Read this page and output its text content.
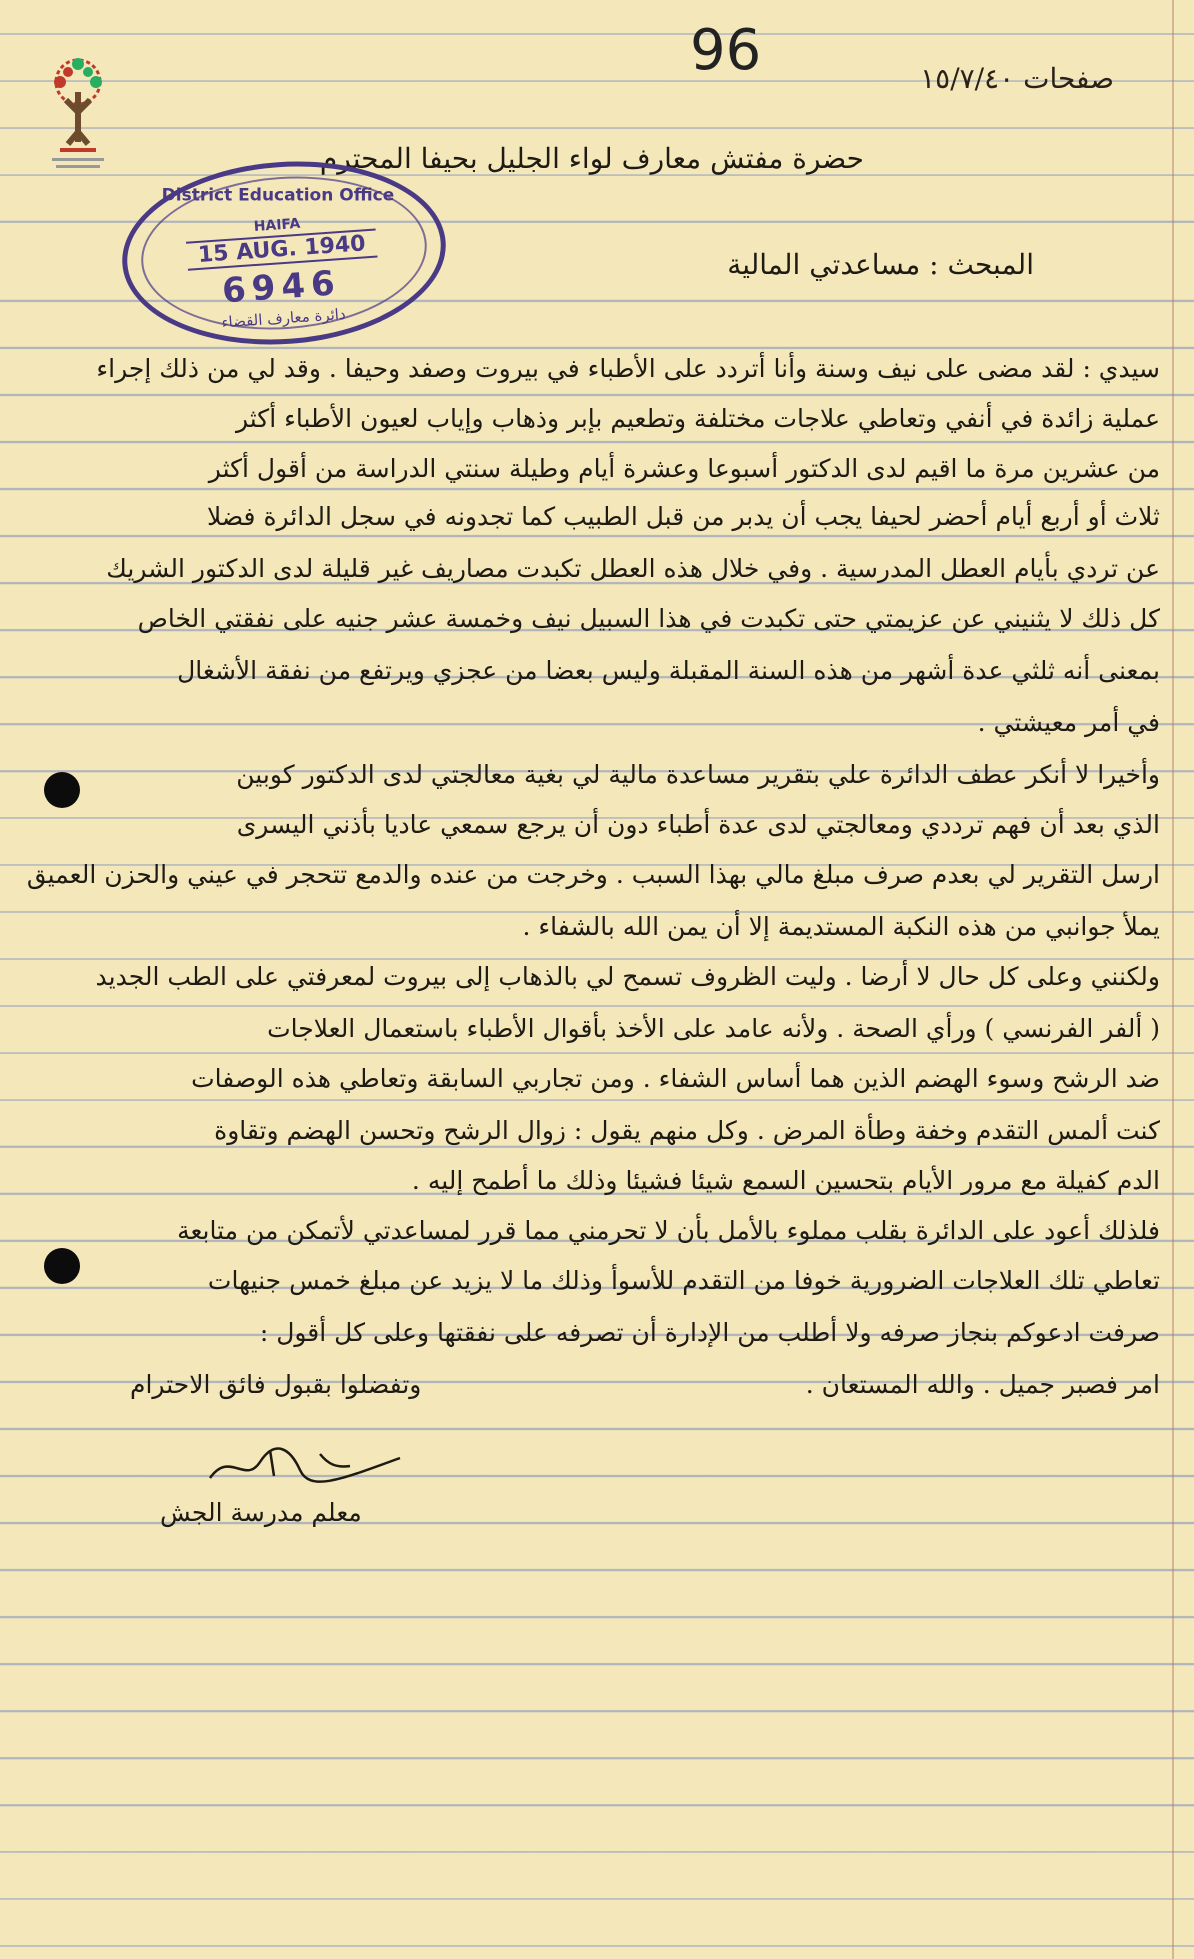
96	صفحات ١٥/٧/٤٠
حضرة مفتش معارف لواء الجليل بحيفا المحترم
District Education Office
HAIFA
15 AUG. 1940
6946
دائرة معارف القضاء
المبحث : مساعدتي المالية
سيدي : لقد مضى على نيف وسنة وأنا أتردد على الأطباء في بيروت وصفد وحيفا . وقد لي من ذلك إجراء
عملية زائدة في أنفي وتعاطي علاجات مختلفة وتطعيم بإبر وذهاب وإياب لعيون الأطباء أكثر
من عشرين مرة ما اقيم لدى الدكتور أسبوعا وعشرة أيام وطيلة سنتي الدراسة من أقول أكثر
ثلاث أو أربع أيام أحضر لحيفا يجب أن يدبر من قبل الطبيب كما تجدونه في سجل الدائرة فضلا
عن تردي بأيام العطل المدرسية . وفي خلال هذه العطل تكبدت مصاريف غير قليلة لدى الدكتور الشريك
كل ذلك لا يثنيني عن عزيمتي حتى تكبدت في هذا السبيل نيف وخمسة عشر جنيه على نفقتي الخاص
بمعنى أنه ثلثي عدة أشهر من هذه السنة المقبلة وليس بعضا من عجزي ويرتفع من نفقة الأشغال
في أمر معيشتي .
وأخيرا لا أنكر عطف الدائرة علي بتقرير مساعدة مالية لي بغية معالجتي لدى الدكتور كوبين
الذي بعد أن فهم ترددي ومعالجتي لدى عدة أطباء دون أن يرجع سمعي عاديا بأذني اليسرى
ارسل التقرير لي بعدم صرف مبلغ مالي بهذا السبب . وخرجت من عنده والدمع تتحجر في عيني والحزن العميق
يملأ جوانبي من هذه النكبة المستديمة إلا أن يمن الله بالشفاء .
ولكنني وعلى كل حال لا أرضا . وليت الظروف تسمح لي بالذهاب إلى بيروت لمعرفتي على الطب الجديد
( ألفر الفرنسي ) ورأي الصحة . ولأنه عامد على الأخذ بأقوال الأطباء باستعمال العلاجات
ضد الرشح وسوء الهضم الذين هما أساس الشفاء . ومن تجاربي السابقة وتعاطي هذه الوصفات
كنت ألمس التقدم وخفة وطأة المرض . وكل منهم يقول : زوال الرشح وتحسن الهضم وتقاوة
الدم كفيلة مع مرور الأيام بتحسين السمع شيئا فشيئا وذلك ما أطمح إليه .
فلذلك أعود على الدائرة بقلب مملوء بالأمل بأن لا تحرمني مما قرر لمساعدتي لأتمكن من متابعة
تعاطي تلك العلاجات الضرورية خوفا من التقدم للأسوأ وذلك ما لا يزيد عن مبلغ خمس جنيهات
صرفت ادعوكم بنجاز صرفه ولا أطلب من الإدارة أن تصرفه على نفقتها وعلى كل أقول :
امر فصبر جميل . والله المستعان .
وتفضلوا بقبول فائق الاحترام
معلم مدرسة الجش
